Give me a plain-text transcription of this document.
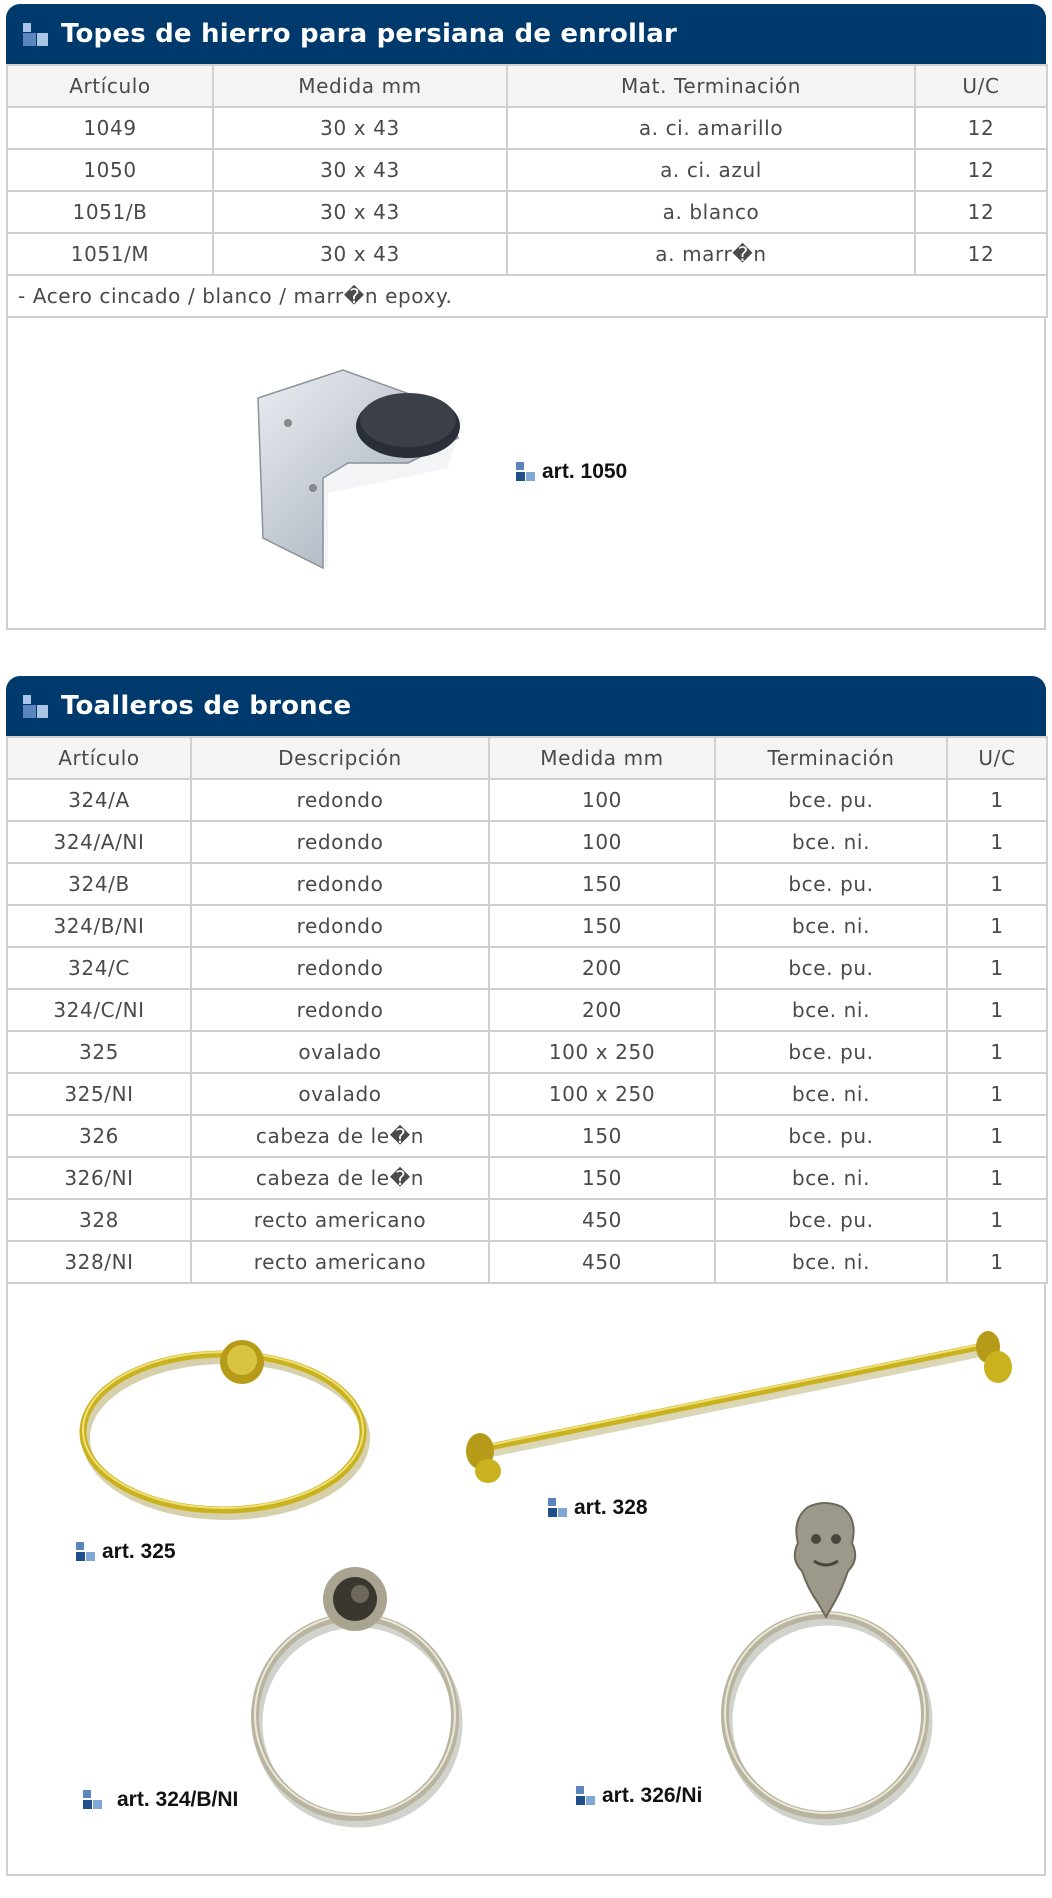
Topes de hierro para persiana de enrollar
Artículo	Medida mm	Mat. Terminación	U/C
1049	30 x 43	a. ci. amarillo	12
1050	30 x 43	a. ci. azul	12
1051/B	30 x 43	a. blanco	12
1051/M	30 x 43	a. marr�n	12
- Acero cincado / blanco / marr�n epoxy.			
art. 1050
Toalleros de bronce
Artículo	Descripción	Medida mm	Terminación	U/C
324/A	redondo	100	bce. pu.	1
324/A/NI	redondo	100	bce. ni.	1
324/B	redondo	150	bce. pu.	1
324/B/NI	redondo	150	bce. ni.	1
324/C	redondo	200	bce. pu.	1
324/C/NI	redondo	200	bce. ni.	1
325	ovalado	100 x 250	bce. pu.	1
325/NI	ovalado	100 x 250	bce. ni.	1
326	cabeza de le�n	150	bce. pu.	1
326/NI	cabeza de le�n	150	bce. ni.	1
328	recto americano	450	bce. pu.	1
328/NI	recto americano	450	bce. ni.	1
art. 325
art. 328
art. 324/B/NI	art. 326/Ni
